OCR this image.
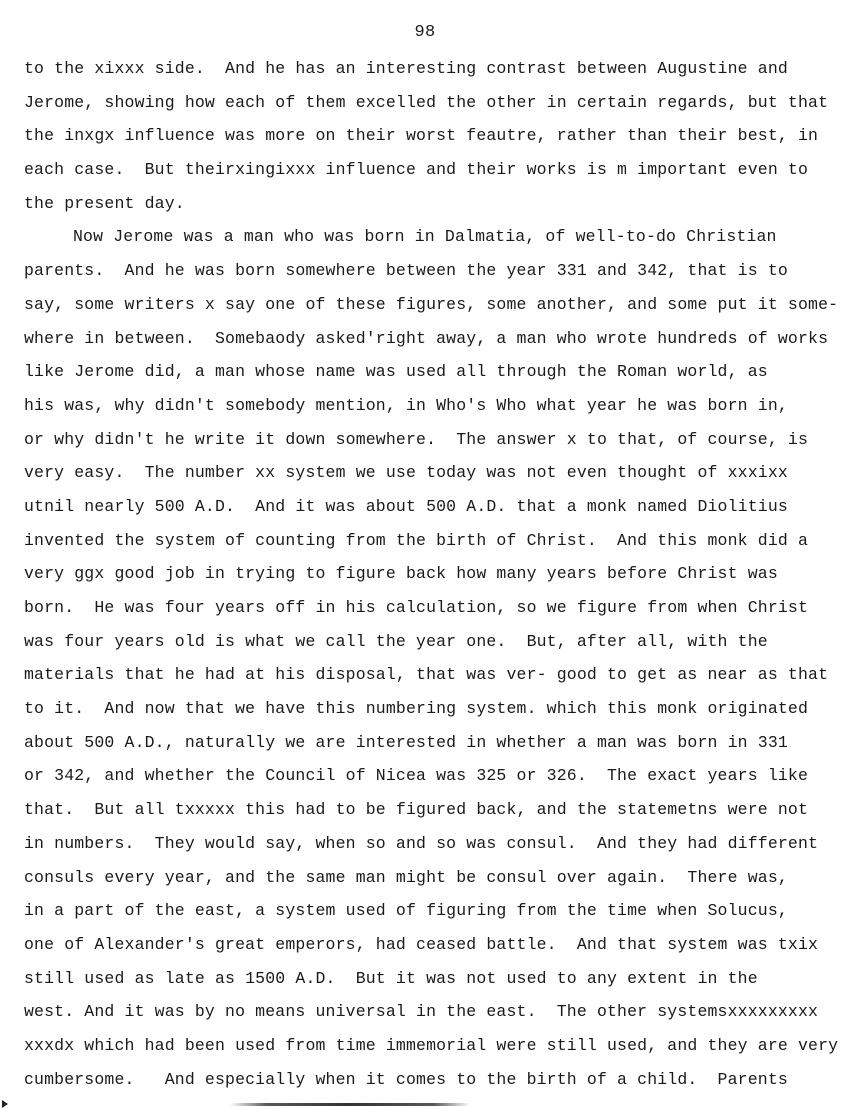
98
to the xixxx side.  And he has an interesting contrast between Augustine and
Jerome, showing how each of them excelled the other in certain regards, but that
the inxgx influence was more on their worst feautre, rather than their best, in
each case.  But theirxingixxx influence and their works is m important even to
the present day.
Now Jerome was a man who was born in Dalmatia, of well-to-do Christian
parents.  And he was born somewhere between the year 331 and 342, that is to
say, some writers x say one of these figures, some another, and some put it some-
where in between.  Somebaody asked'right away, a man who wrote hundreds of works
like Jerome did, a man whose name was used all through the Roman world, as
his was, why didn't somebody mention, in Who's Who what year he was born in,
or why didn't he write it down somewhere.  The answer x to that, of course, is
very easy.  The number xx system we use today was not even thought of xxxixx
utnil nearly 500 A.D.  And it was about 500 A.D. that a monk named Diolitius
invented the system of counting from the birth of Christ.  And this monk did a
very ggx good job in trying to figure back how many years before Christ was
born.  He was four years off in his calculation, so we figure from when Christ
was four years old is what we call the year one.  But, after all, with the
materials that he had at his disposal, that was ver- good to get as near as that
to it.  And now that we have this numbering system. which this monk originated
about 500 A.D., naturally we are interested in whether a man was born in 331
or 342, and whether the Council of Nicea was 325 or 326.  The exact years like
that.  But all txxxxx this had to be figured back, and the statemetns were not
in numbers.  They would say, when so and so was consul.  And they had different
consuls every year, and the same man might be consul over again.  There was,
in a part of the east, a system used of figuring from the time when Solucus,
one of Alexander's great emperors, had ceased battle.  And that system was txix
still used as late as 1500 A.D.  But it was not used to any extent in the
west. And it was by no means universal in the east.  The other systemsxxxxxxxxx
xxxdx which had been used from time immemorial were still used, and they are very
cumbersome.   And especially when it comes to the birth of a child.  Parents
